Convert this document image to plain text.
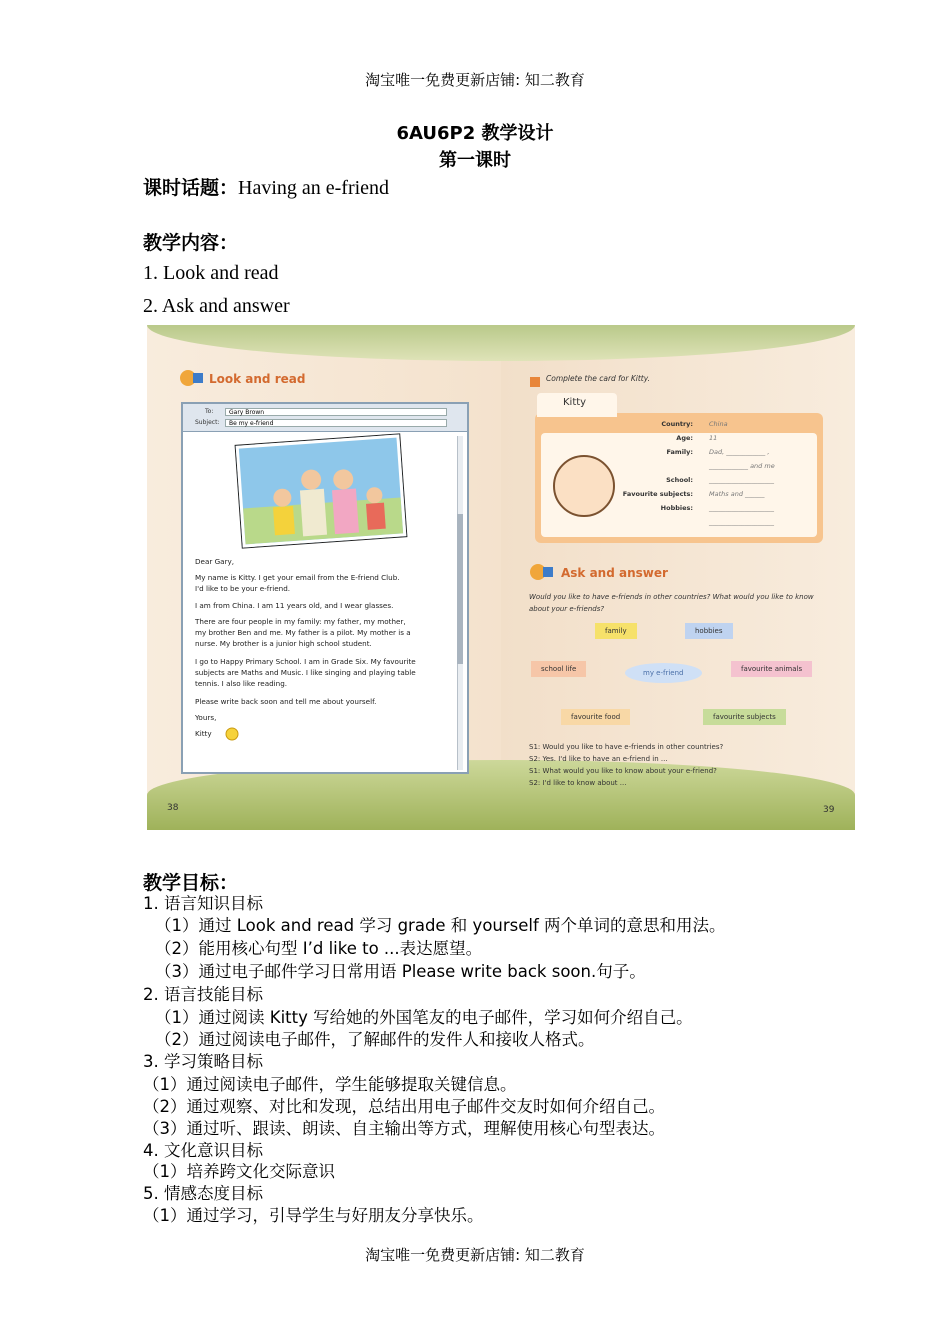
淘宝唯一免费更新店铺: 知二教育
6AU6P2 教学设计
第一课时
课时话题：Having an e-friend
教学内容：
1. Look and read
2. Ask and answer
Look and read
To:	Gary Brown
Subject:	Be my e-friend
Dear Gary,
My name is Kitty. I get your email from the E-friend Club.
I'd like to be your e-friend.
I am from China. I am 11 years old, and I wear glasses.
There are four people in my family: my father, my mother,
my brother Ben and me. My father is a pilot. My mother is a
nurse. My brother is a junior high school student.
I go to Happy Primary School. I am in Grade Six. My favourite
subjects are Maths and Music. I like singing and playing table
tennis. I also like reading.
Please write back soon and tell me about yourself.
Yours,
Kitty
Complete the card for Kitty.
Kitty
Country: China
Age: 11
Family: Dad, ____________ ,
____________ and me
School: ____________________
Favourite subjects: Maths and ______
Hobbies: ____________________
____________________
Ask and answer
Would you like to have e-friends in other countries? What would you like to know about your e-friends?
family	hobbies
school life	my e-friend	favourite animals
favourite food	favourite subjects
S1: Would you like to have e-friends in other countries?
S2: Yes. I'd like to have an e-friend in ...
S1: What would you like to know about your e-friend?
S2: I'd like to know about ...
38	39
教学目标：
1. 语言知识目标
（1）通过 Look and read 学习 grade 和 yourself 两个单词的意思和用法。
（2）能用核心句型 I’d like to ...表达愿望。
（3）通过电子邮件学习日常用语 Please write back soon.句子。
2. 语言技能目标
（1）通过阅读 Kitty 写给她的外国笔友的电子邮件，学习如何介绍自己。
（2）通过阅读电子邮件，了解邮件的发件人和接收人格式。
3. 学习策略目标
（1）通过阅读电子邮件，学生能够提取关键信息。
（2）通过观察、对比和发现，总结出用电子邮件交友时如何介绍自己。
（3）通过听、跟读、朗读、自主输出等方式，理解使用核心句型表达。
4. 文化意识目标
（1）培养跨文化交际意识
5. 情感态度目标
（1）通过学习，引导学生与好朋友分享快乐。
淘宝唯一免费更新店铺: 知二教育
